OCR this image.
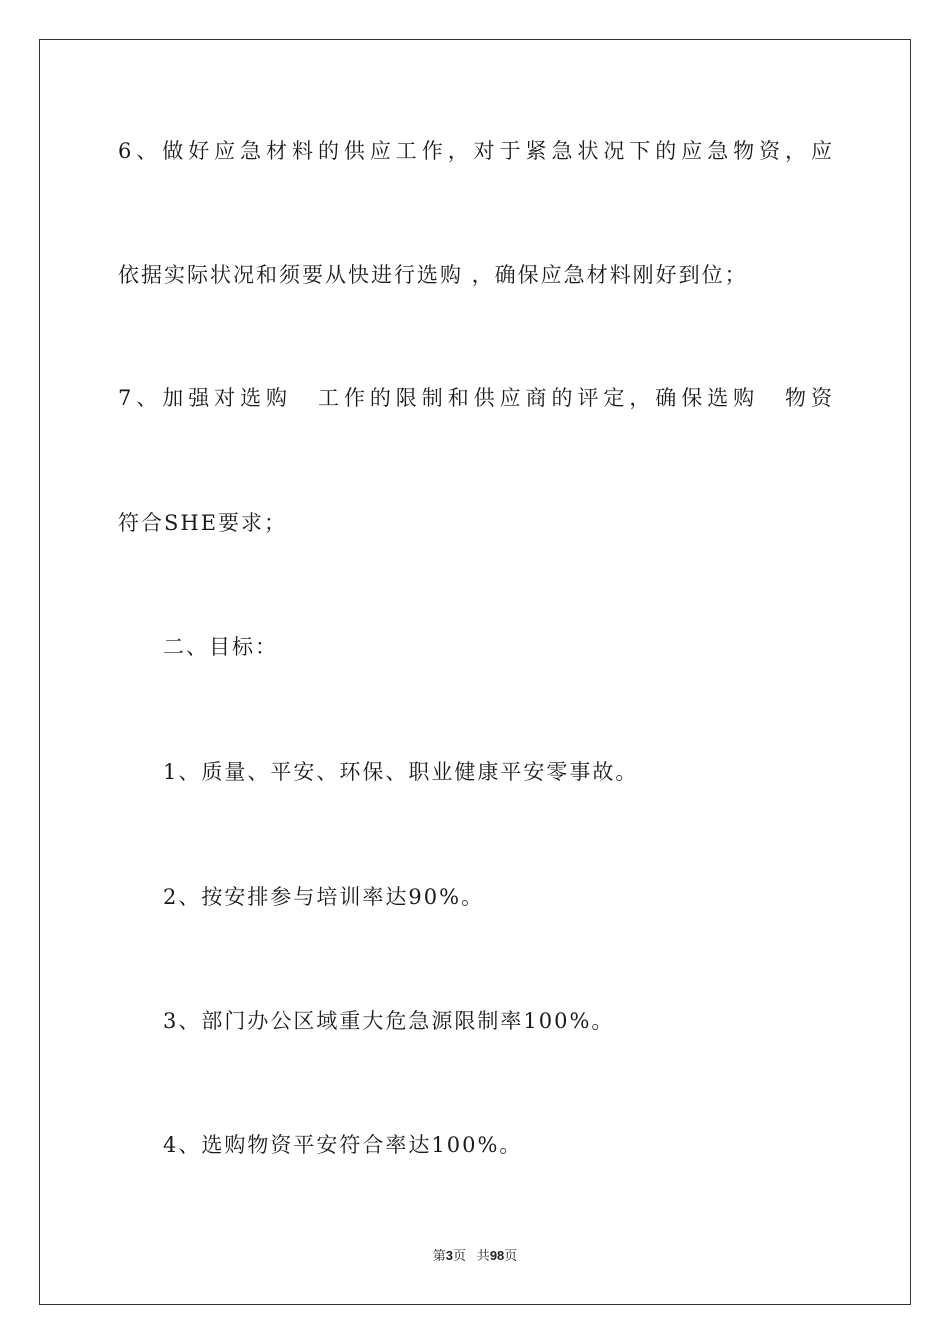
6、做好应急材料的供应工作，对于紧急状况下的应急物资，应
依据实际状况和须要从快进行选购 ，确保应急材料刚好到位；
7、加强对选购　工作的限制和供应商的评定，确保选购　物资
符合SHE要求；
二、目标：
1、质量、平安、环保、职业健康平安零事故。
2、按安排参与培训率达90%。
3、部门办公区域重大危急源限制率100%。
4、选购物资平安符合率达100%。
第3页 共98页
